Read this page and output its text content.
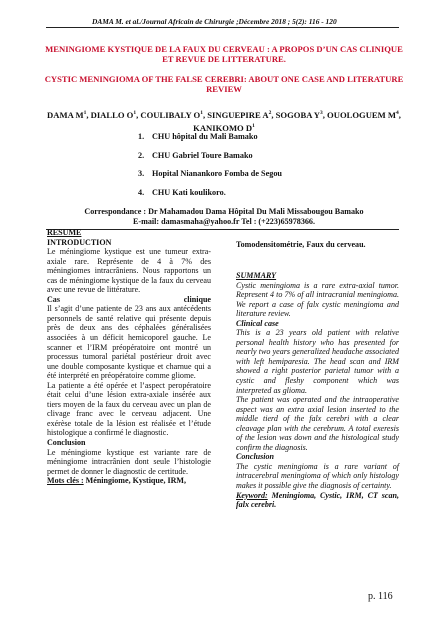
DAMA M. et al./Journal Africain de Chirurgie ;Décembre 2018 ; 5(2): 116 - 120
MENINGIOME KYSTIQUE DE LA FAUX DU CERVEAU : A PROPOS D’UN CAS CLINIQUE ET REVUE DE LITTERATURE.
CYSTIC MENINGIOMA OF THE FALSE CEREBRI: ABOUT ONE CASE AND LITERATURE REVIEW
DAMA $M^1$, DIALLO $O^1$, COULIBALY $O^1$, SINGUEPIRE $A^2$, SOGOBA $Y^3$, OUOLOGUEM $M^4$, KANIKOMO $D^1$
1. CHU hôpital du Mali Bamako
2. CHU Gabriel Toure Bamako
3. Hopital Nianankoro Fomba de Segou
4. CHU Kati koulikoro.
Correspondance : Dr Mahamadou Dama Hôpital Du Mali Missabougou Bamako
E-mail: damasmaha@yahoo.fr Tel : (+223)65978366.
RESUME
INTRODUCTION

Le méningiome kystique est une tumeur extra-axiale rare. Représente de 4 à 7% des méningiomes intracrâniens. Nous rapportons un cas de méningiome kystique de la faux du cerveau avec une revue de littérature.

Cas	clinique

Il s’agit d’une patiente de 23 ans aux antécédents personnels de santé relative qui présente depuis près de deux ans des céphalées généralisées associées à un déficit hemicoporel gauche. Le scanner et l’IRM préopératoire ont montré un processus tumoral pariétal postérieur droit avec une double composante kystique et charnue qui a été interprété en préopératoire comme gliome.

La patiente a été opérée et l’aspect peropératoire était celui d’une lésion extra-axiale insérée aux tiers moyen de la faux du cerveau avec un plan de clivage franc avec le cerveau adjacent. Une exérèse totale de la lésion est réalisée et l’étude histologique a confirmé le diagnostic.

Conclusion

Le méningiome kystique est variante rare de méningiome intracrânien dont seule l’histologie permet de donner le diagnostic de certitude.

Mots clés : Méningiome, Kystique, IRM,
Tomodensitométrie, Faux du cerveau.
SUMMARY

Cystic meningioma is a rare extra-axial tumor. Represent 4 to 7% of all intracranial meningioma. We report a case of falx cystic meningioma and literature review.

Clinical case

This is a 23 years old patient with relative personal health history who has presented for nearly two years generalized headache associated with left hemiparesia. The head scan and IRM showed a right posterior parietal tumor with a cystic and fleshy component which was interpreted as glioma.

The patient was operated and the intraoperative aspect was an extra axial lesion inserted to the middle tierd of the falx cerebri with a clear cleavage plan with the cerebrum. A total exeresis of the lesion was down and the histological study confirm the diagnosis.

Conclusion

The cystic meningioma is a rare variant of intracerebral meningioma of which only histology makes it possible give the diagnosis of certainty.

Keyword: Meningioma, Cystic, IRM, CT scan, falx cerebri.

p. 116
